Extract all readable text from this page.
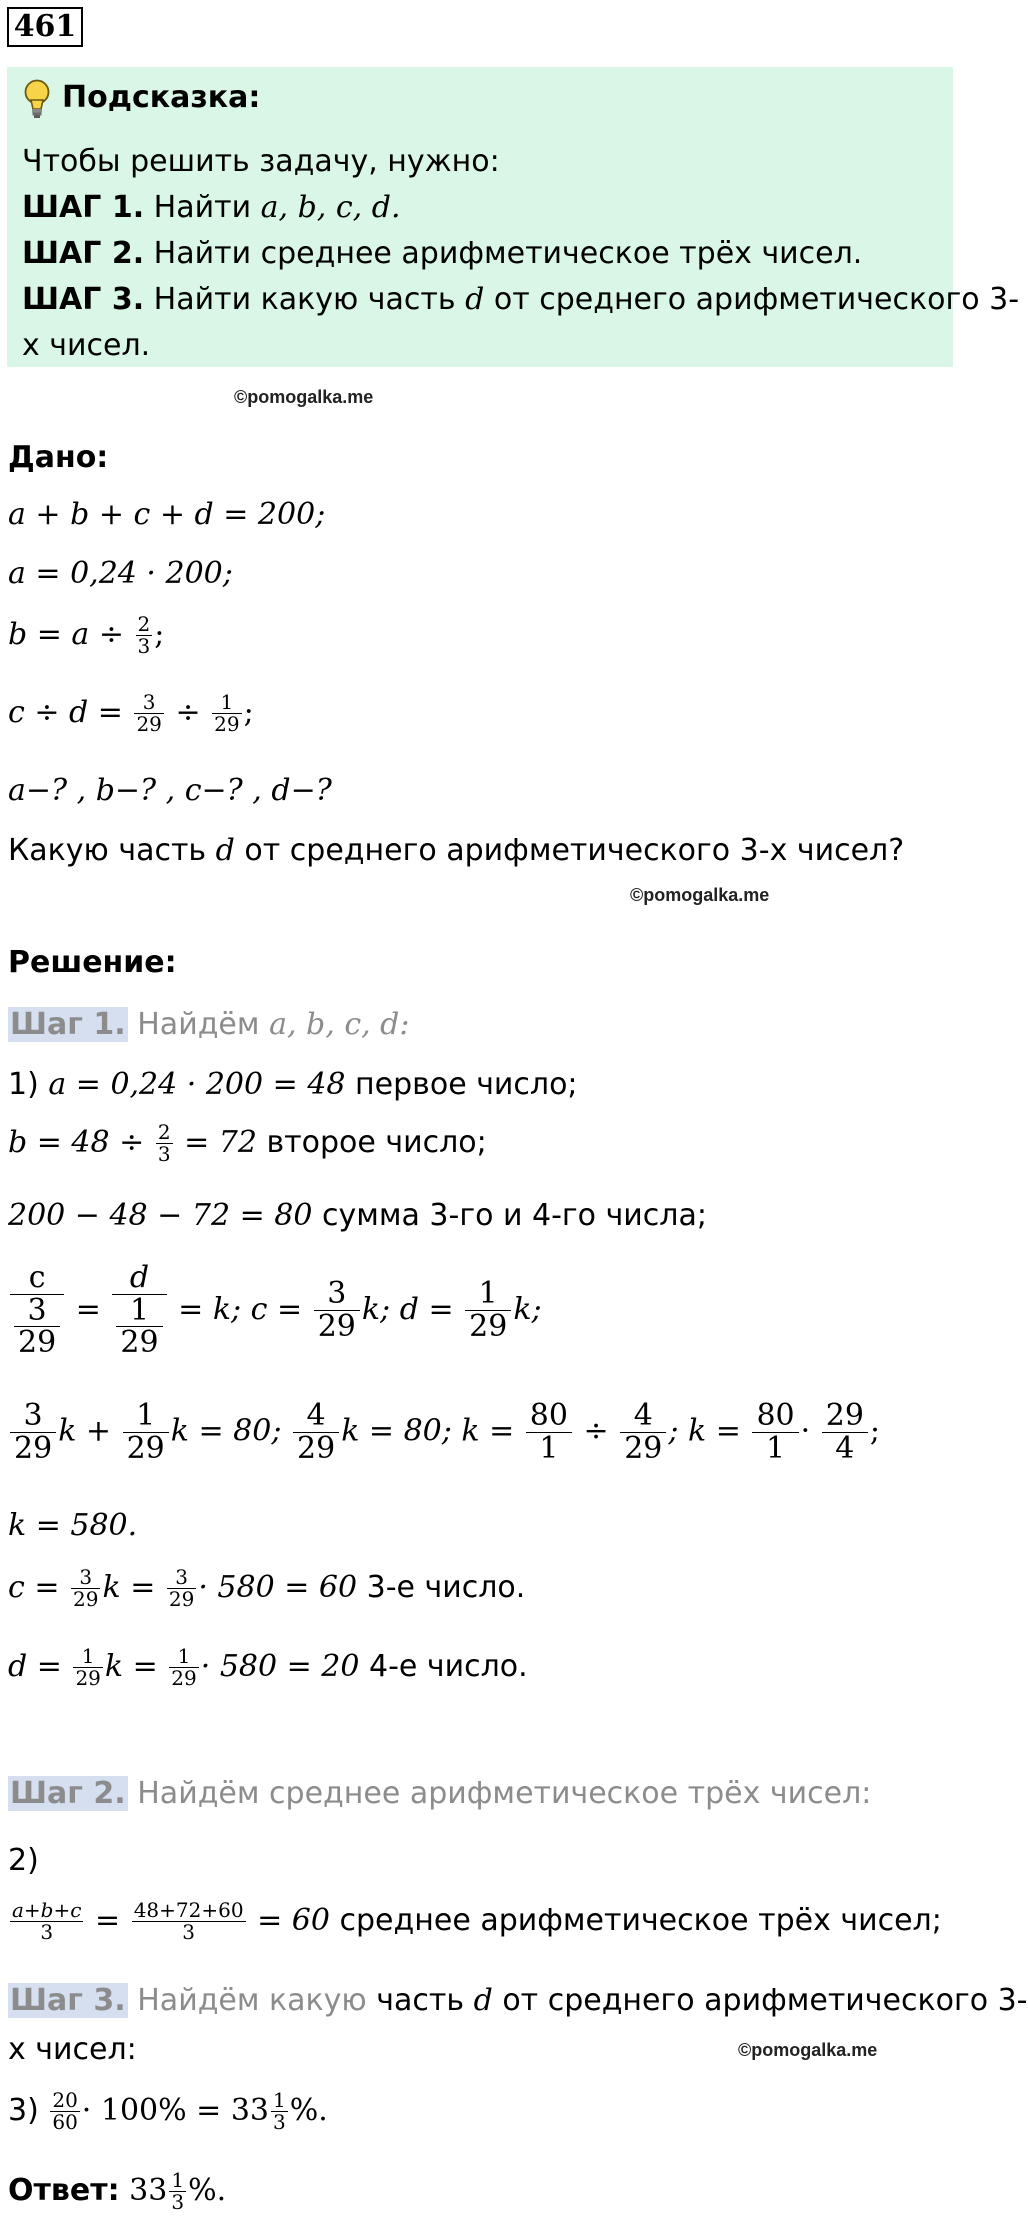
461
Подсказка:
Чтобы решить задачу, нужно:
ШАГ 1. Найти a, b, c, d.
ШАГ 2. Найти среднее арифметическое трёх чисел.
ШАГ 3. Найти какую часть d от среднего арифметического 3-
х чисел.
©pomogalka.me
Дано:
a + b + c + d = 200;
a = 0,24 · 200;
$b = a \div \frac{2}{3}$ ;
$c \div d = \frac{3}{29} \div \frac{1}{29}$ ;
a−? , b−? , c−? , d−?
Какую часть d от среднего арифметического 3-х чисел?
©pomogalka.me
Решение:
Шаг 1. Найдём a, b, c, d:
1) a = 0,24 · 200 = 48 первое число;
$b = 48 \div \frac{2}{3} = 72$ второе число;
200 − 48 − 72 = 80 сумма 3-го и 4-го числа;
$\frac{c}{\frac{3}{29}} = \frac{d}{\frac{1}{29}} = k$; $c = \frac{3}{29} k$; $d = \frac{1}{29} k$;
$\frac{3}{29}$ $k + \frac{1}{29}$ k = 80; $\frac{4}{29}$ k = 80; $k = \frac{80}{1} \div \frac{4}{29}$ ; $k = \frac{80}{1} \cdot \frac{29}{4}$ ;
k = 580.
$c = \frac{3}{29}$ $k = \frac{3}{29} \cdot 580 = 60$ 3-е число.
$d = \frac{1}{29}$ $k = \frac{1}{29} \cdot 580 = 20$ 4-е число.
Шаг 2. Найдём среднее арифметическое трёх чисел:
2)
$\frac{a+b+c}{3} = \frac{48+72+60}{3} = 60$ среднее арифметическое трёх чисел;
Шаг 3. Найдём какую часть d от среднего арифметического 3-
х чисел:	©pomogalka.me
$3) \frac{20}{60} \cdot 100\% = 33 \frac{1}{3}$ %.
Ответ: $33 \frac{1}{3}$ %.
